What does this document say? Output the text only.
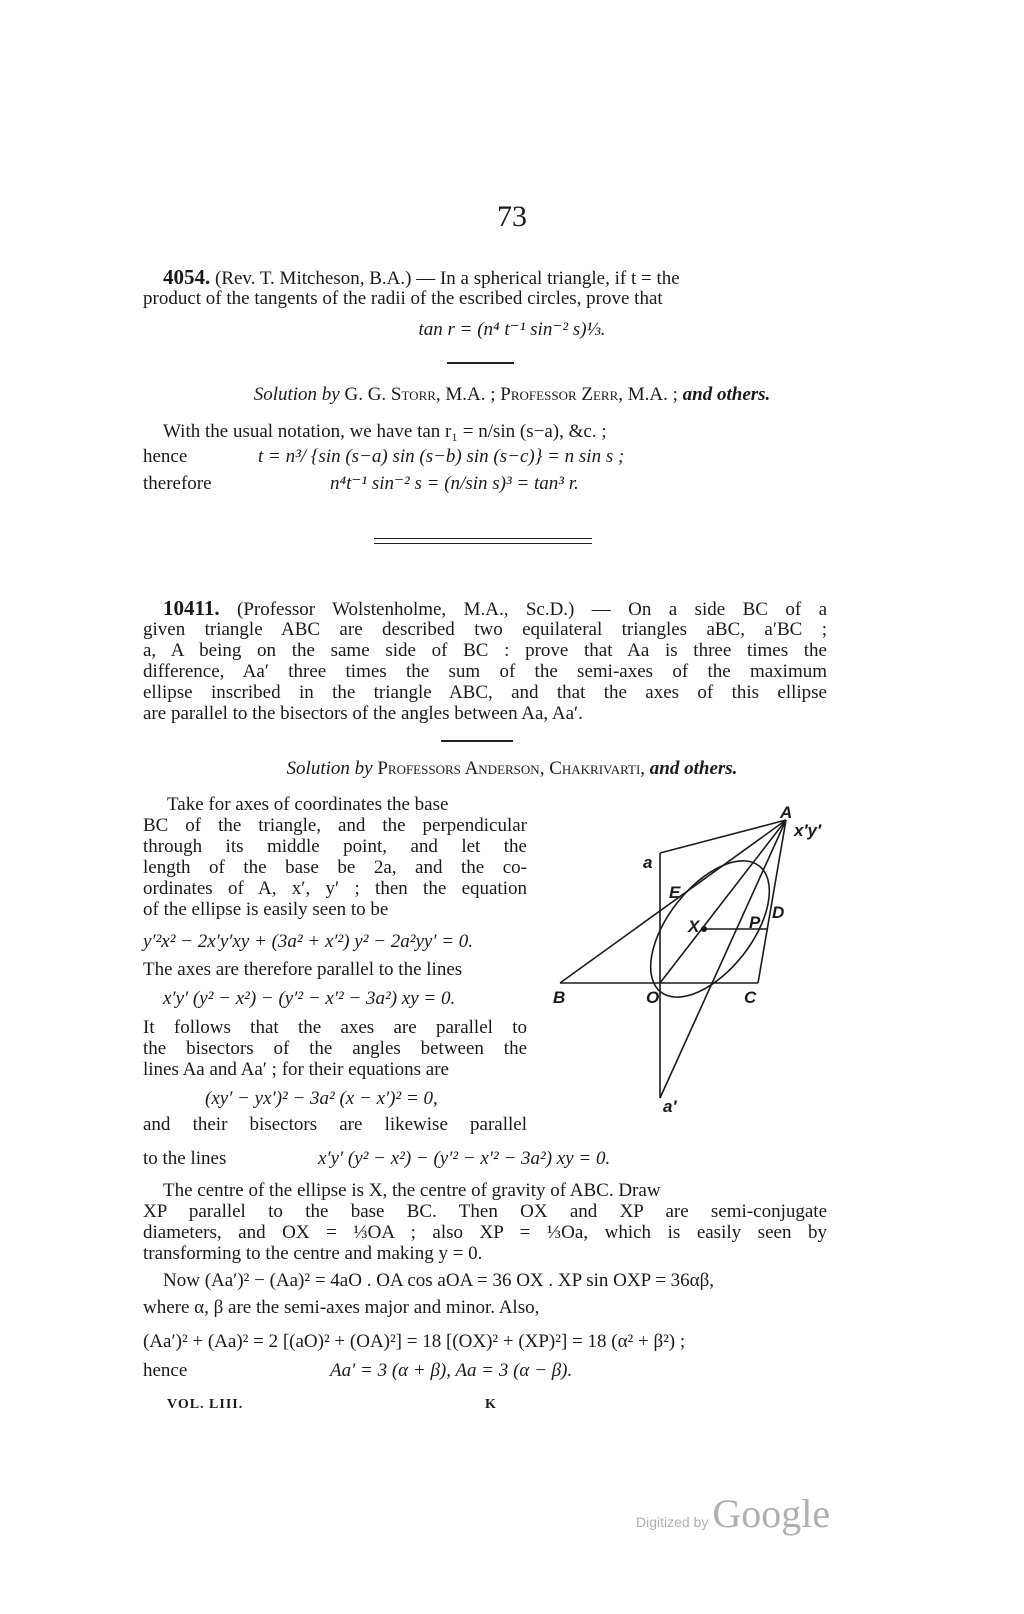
73
4054. (Rev. T. Mitcheson, B.A.) — In a spherical triangle, if t = the
product of the tangents of the radii of the escribed circles, prove that
tan r = (n⁴ t⁻¹ sin⁻² s)⅓.
Solution by G. G. Storr, M.A. ; Professor Zerr, M.A. ; and others.
With the usual notation, we have tan r₁ = n/sin (s−a), &c. ;
hence	t = n³/ {sin (s−a) sin (s−b) sin (s−c)} = n sin s ;
therefore	n⁴t⁻¹ sin⁻² s = (n/sin s)³ = tan³ r.
10411. (Professor Wolstenholme, M.A., Sc.D.) — On a side BC of a
given triangle ABC are described two equilateral triangles aBC, a′BC ;
a, A being on the same side of BC : prove that Aa is three times the
difference, Aa′ three times the sum of the semi-axes of the maximum
ellipse inscribed in the triangle ABC, and that the axes of this ellipse
are parallel to the bisectors of the angles between Aa, Aa′.
Solution by Professors Anderson, Chakrivarti, and others.
Take for axes of coordinates the base
BC of the triangle, and the perpendicular
through its middle point, and let the
length of the base be 2a, and the co-
ordinates of A, x′, y′ ; then the equation
of the ellipse is easily seen to be
y′²x² − 2x′y′xy + (3a² + x′²) y² − 2a²yy′ = 0.
The axes are therefore parallel to the lines
x′y′ (y² − x²) − (y′² − x′² − 3a²) xy = 0.
It follows that the axes are parallel to
the bisectors of the angles between the
lines Aa and Aa′ ; for their equations are
(xy′ − yx′)² − 3a² (x − x′)² = 0,
and their bisectors are likewise parallel
to the lines	x′y′ (y² − x²) − (y′² − x′² − 3a²) xy = 0.
A
x′y′
a
E
X	P
D
B	O	C
a′
The centre of the ellipse is X, the centre of gravity of ABC. Draw
XP parallel to the base BC. Then OX and XP are semi-conjugate
diameters, and OX = ⅓OA ; also XP = ⅓Oa, which is easily seen by
transforming to the centre and making y = 0.
Now (Aa′)² − (Aa)² = 4aO . OA cos aOA = 36 OX . XP sin OXP = 36αβ,
where α, β are the semi-axes major and minor. Also,
(Aa′)² + (Aa)² = 2 [(aO)² + (OA)²] = 18 [(OX)² + (XP)²] = 18 (α² + β²) ;
hence	Aa′ = 3 (α + β), Aa = 3 (α − β).
VOL. LIII.	K
Digitized by Google
